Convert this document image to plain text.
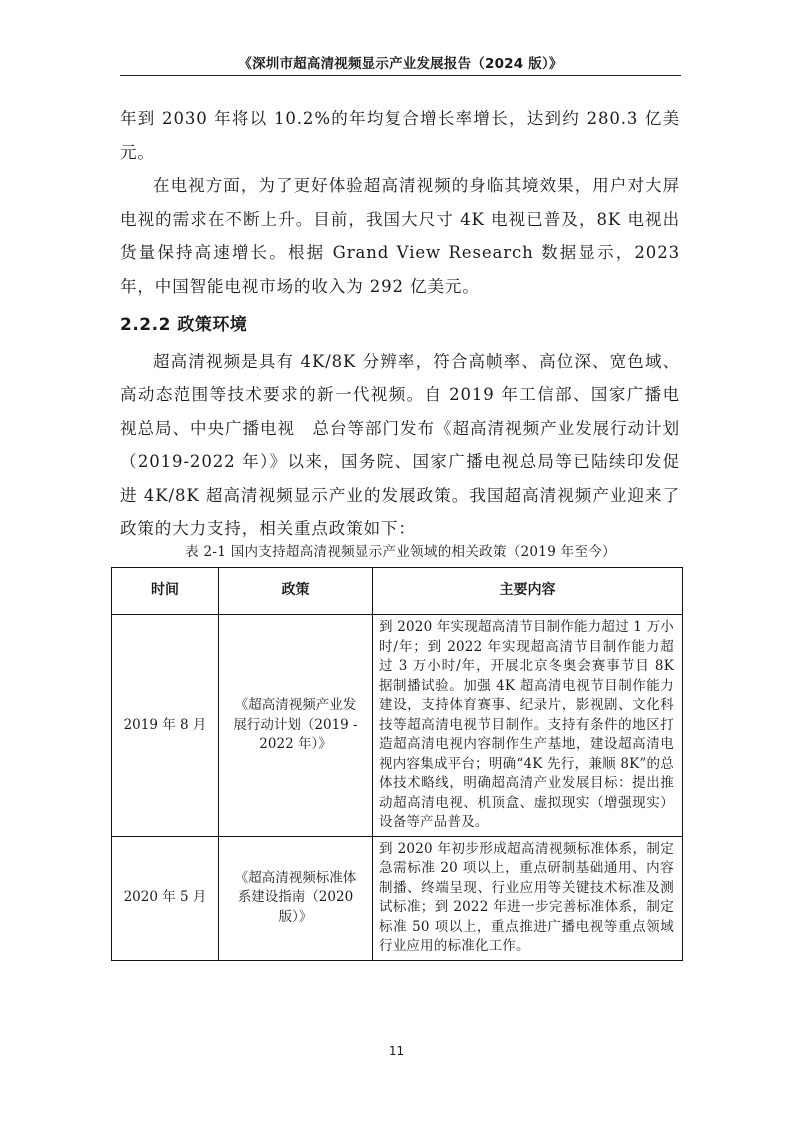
《深圳市超高清视频显示产业发展报告（2024 版）》

年到 2030 年将以 10.2%的年均复合增长率增长，达到约 280.3 亿美元。

在电视方面，为了更好体验超高清视频的身临其境效果，用户对大屏电视的需求在不断上升。目前，我国大尺寸 4K 电视已普及，8K 电视出货量保持高速增长。根据 Grand View Research 数据显示，2023 年，中国智能电视市场的收入为 292 亿美元。

2.2.2 政策环境

超高清视频是具有 4K/8K 分辨率，符合高帧率、高位深、宽色域、高动态范围等技术要求的新一代视频。自 2019 年工信部、国家广播电视总局、中央广播电视　总台等部门发布《超高清视频产业发展行动计划（2019-2022 年）》以来，国务院、国家广播电视总局等已陆续印发促进 4K/8K 超高清视频显示产业的发展政策。我国超高清视频产业迎来了政策的大力支持，相关重点政策如下：

表 2-1 国内支持超高清视频显示产业领域的相关政策（2019 年至今）
时间	政策	主要内容
2019 年 8 月	《超高清视频产业发展行动计划（2019 - 2022 年）》	到 2020 年实现超高清节目制作能力超过 1 万小时/年；到 2022 年实现超高清节目制作能力超过 3 万小时/年，开展北京冬奥会赛事节目 8K 据制播试验。加强 4K 超高清电视节目制作能力建设，支持体育赛事、纪录片，影视剧、文化科技等超高清电视节目制作。支持有条件的地区打造超高清电视内容制作生产基地，建设超高清电视内容集成平台；明确“4K 先行，兼顺 8K”的总体技术略线，明确超高清产业发展目标：提出推动超高清电视、机顶盒、虚拟现实（增强现实）设备等产品普及。
2020 年 5 月	《超高清视频标准体系建设指南（2020 版）》	到 2020 年初步形成超高清视频标准体系，制定急需标准 20 项以上，重点研制基础通用、内容制播、终端呈现、行业应用等关键技术标准及测试标准；到 2022 年进一步完善标准体系，制定标准 50 项以上，重点推进广播电视等重点领域行业应用的标准化工作。
11
